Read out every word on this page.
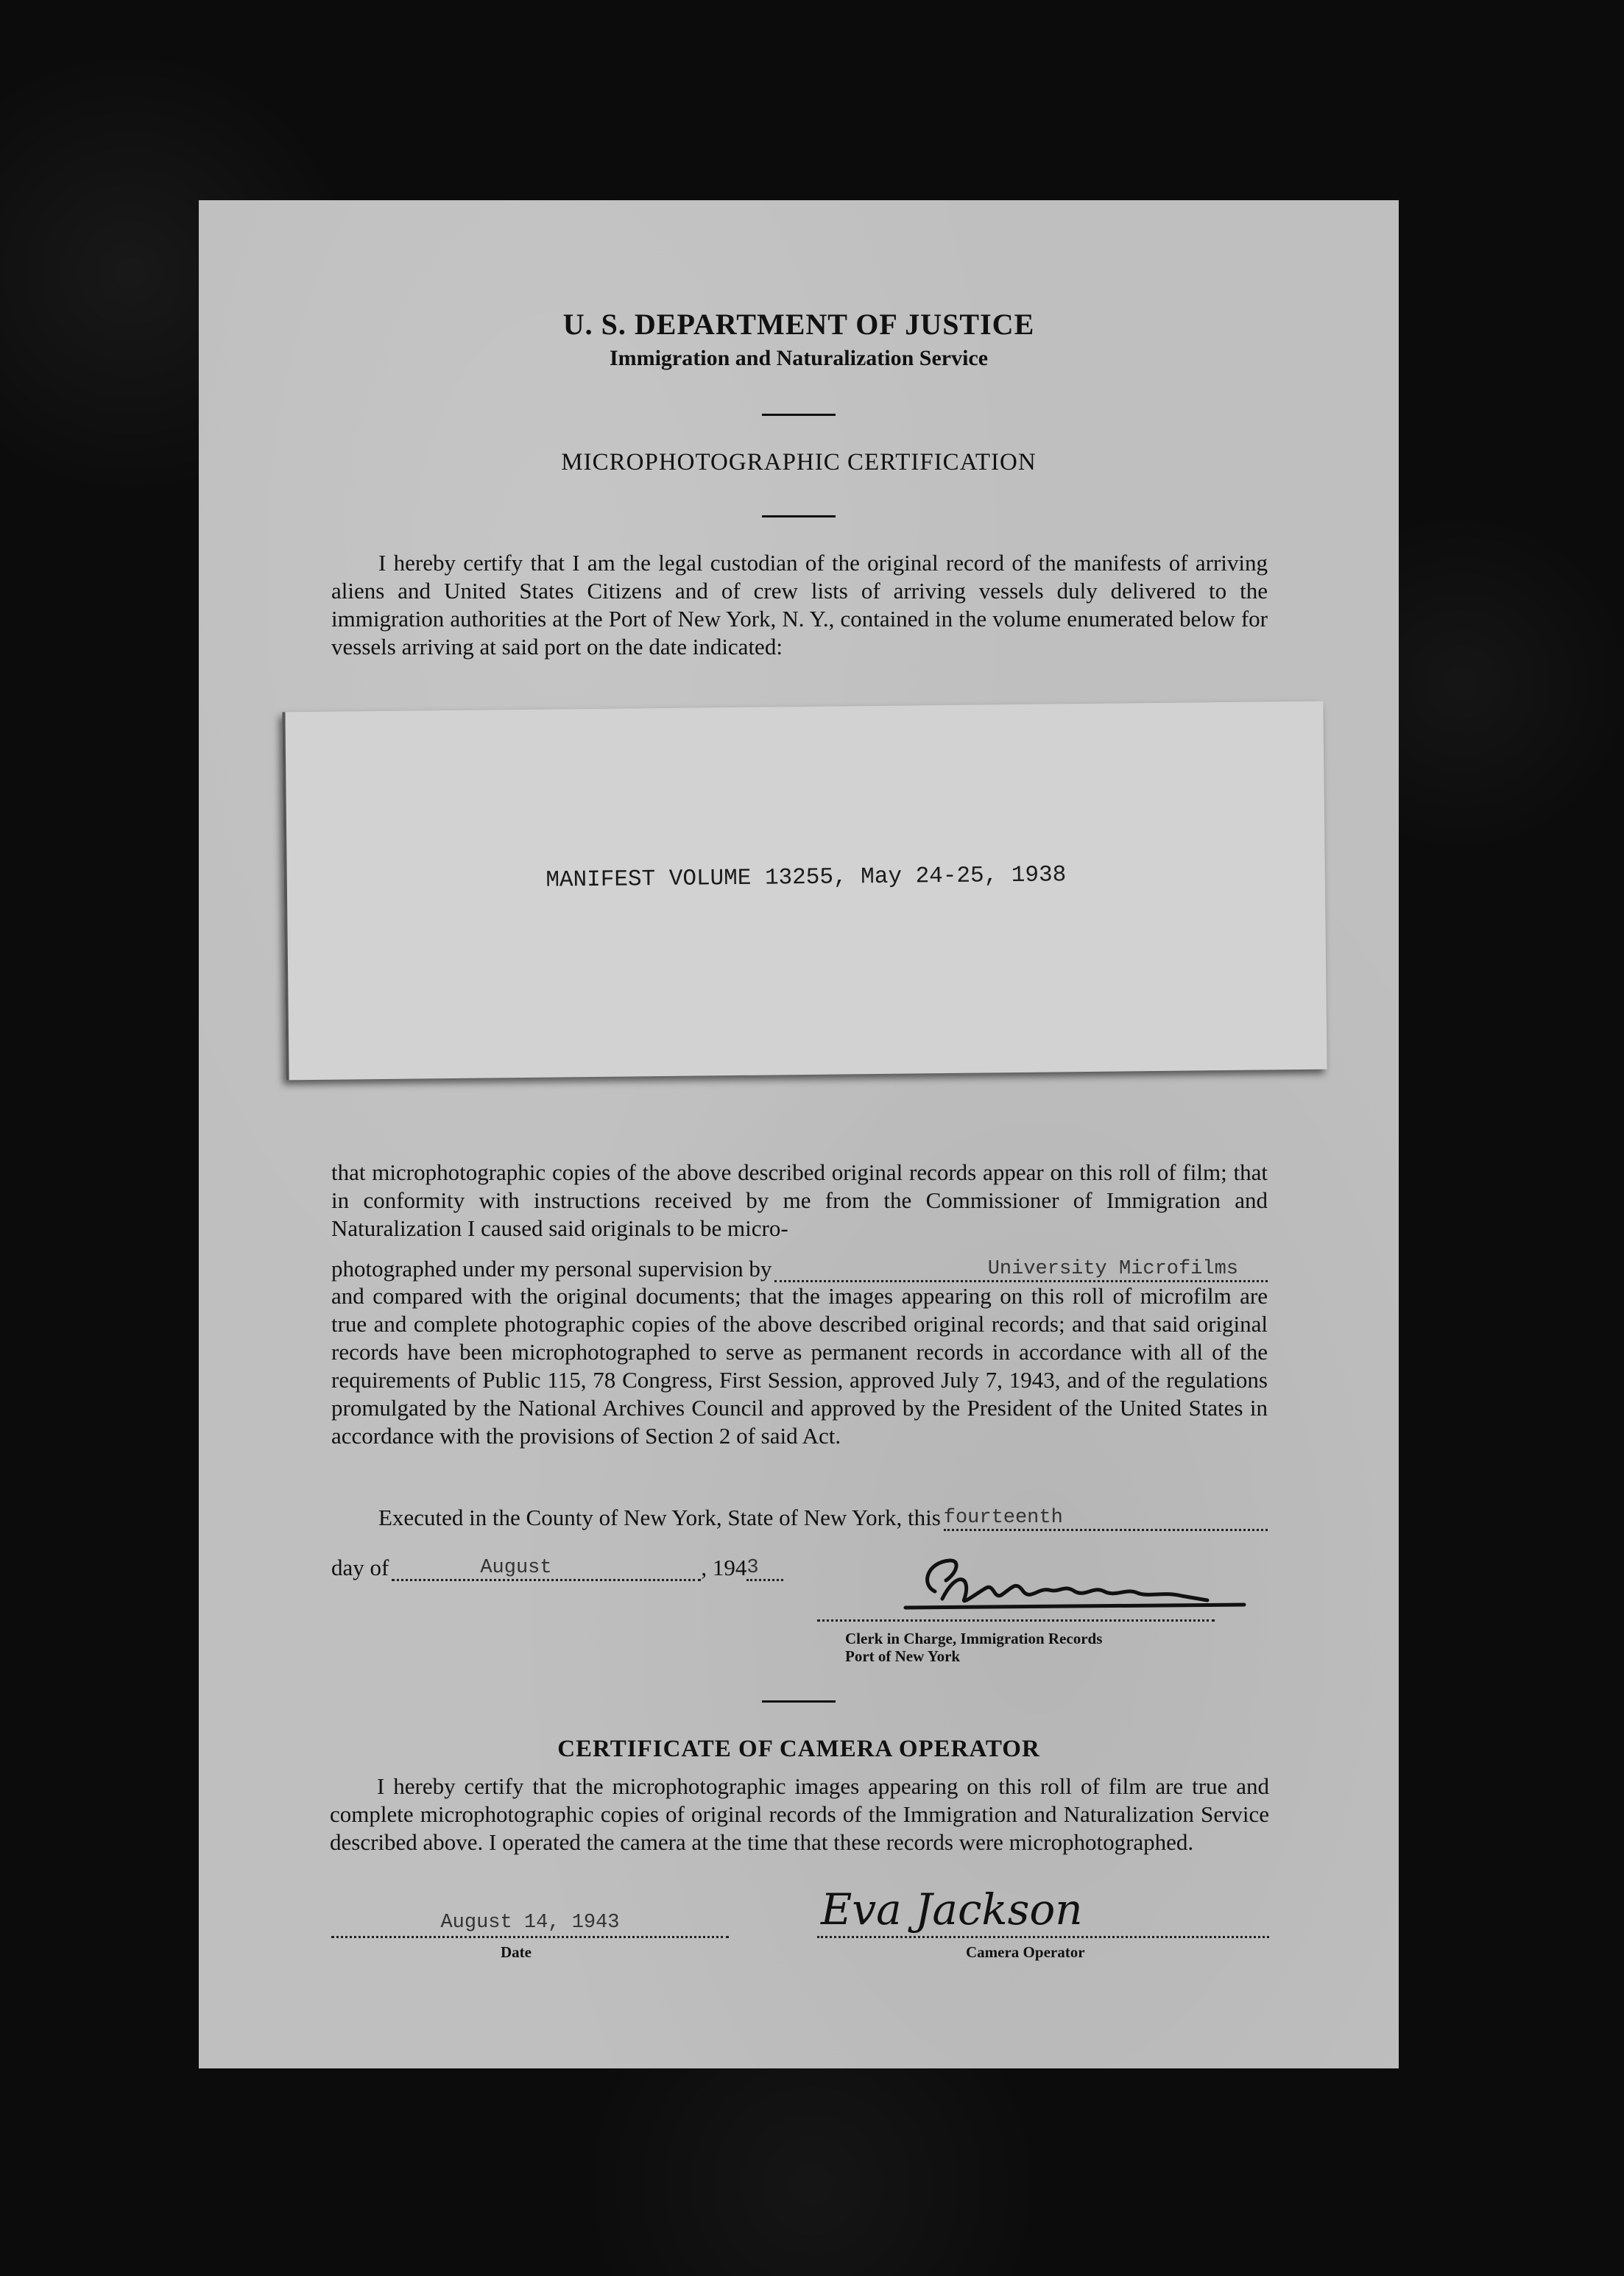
U. S. DEPARTMENT OF JUSTICE
Immigration and Naturalization Service
MICROPHOTOGRAPHIC CERTIFICATION
I hereby certify that I am the legal custodian of the original record of the manifests of arriving aliens and United States Citizens and of crew lists of arriving vessels duly delivered to the immigration authorities at the Port of New York, N. Y., contained in the volume enumerated below for vessels arriving at said port on the date indicated:
MANIFEST VOLUME 13255, May 24-25, 1938
that microphotographic copies of the above described original records appear on this roll of film; that in conformity with instructions received by me from the Commissioner of Immigration and Naturalization I caused said originals to be micro-
photographed under my personal supervision by	University Microfilms
and compared with the original documents; that the images appearing on this roll of microfilm are true and complete photographic copies of the above described original records; and that said original records have been microphotographed to serve as permanent records in accordance with all of the requirements of Public 115, 78 Congress, First Session, approved July 7, 1943, and of the regulations promulgated by the National Archives Council and approved by the President of the United States in accordance with the provisions of Section 2 of said Act.
Executed in the County of New York, State of New York, this fourteenth
day of	August	, 194 3
Clerk in Charge, Immigration Records
Port of New York
CERTIFICATE OF CAMERA OPERATOR
I hereby certify that the microphotographic images appearing on this roll of film are true and complete microphotographic copies of original records of the Immigration and Naturalization Service described above. I operated the camera at the time that these records were microphotographed.
August 14, 1943
Date
Eva Jackson
Camera Operator
